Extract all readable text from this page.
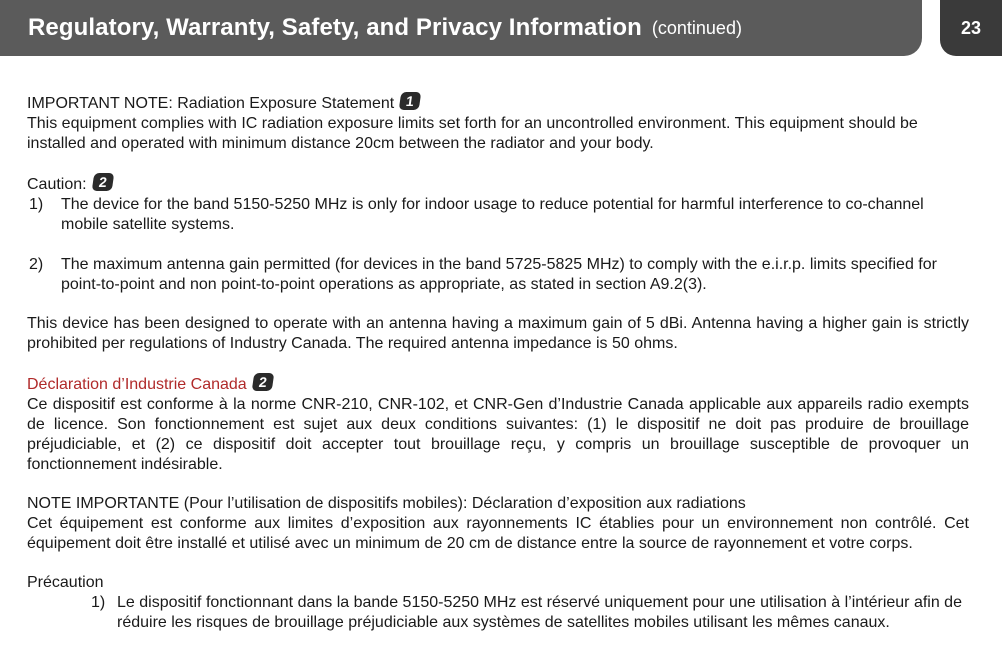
Regulatory, Warranty, Safety, and Privacy Information (continued)	23
IMPORTANT NOTE: Radiation Exposure Statement 1
This equipment complies with IC radiation exposure limits set forth for an uncontrolled environment. This equipment should be installed and operated with minimum distance 20cm between the radiator and your body.
Caution: 2
1)	The device for the band 5150-5250 MHz is only for indoor usage to reduce potential for harmful interference to co-channel mobile satellite systems.
2)	The maximum antenna gain permitted (for devices in the band 5725-5825 MHz) to comply with the e.i.r.p. limits specified for point-to-point and non point-to-point operations as appropriate, as stated in section A9.2(3).
This device has been designed to operate with an antenna having a maximum gain of 5 dBi. Antenna having a higher gain is strictly prohibited per regulations of Industry Canada. The required antenna impedance is 50 ohms.
Déclaration d’Industrie Canada 2
Ce dispositif est conforme à la norme CNR-210, CNR-102, et CNR-Gen d’Industrie Canada applicable aux appareils radio exempts de licence. Son fonctionnement est sujet aux deux conditions suivantes: (1) le dispositif ne doit pas produire de brouillage préjudiciable, et (2) ce dispositif doit accepter tout brouillage reçu, y compris un brouillage susceptible de provoquer un fonctionnement indésirable.
NOTE IMPORTANTE (Pour l’utilisation de dispositifs mobiles): Déclaration d’exposition aux radiations
Cet équipement est conforme aux limites d’exposition aux rayonnements IC établies pour un environnement non contrôlé. Cet équipement doit être installé et utilisé avec un minimum de 20 cm de distance entre la source de rayonnement et votre corps.
Précaution
1) Le dispositif fonctionnant dans la bande 5150-5250 MHz est réservé uniquement pour une utilisation à l’intérieur afin de réduire les risques de brouillage préjudiciable aux systèmes de satellites mobiles utilisant les mêmes canaux.
